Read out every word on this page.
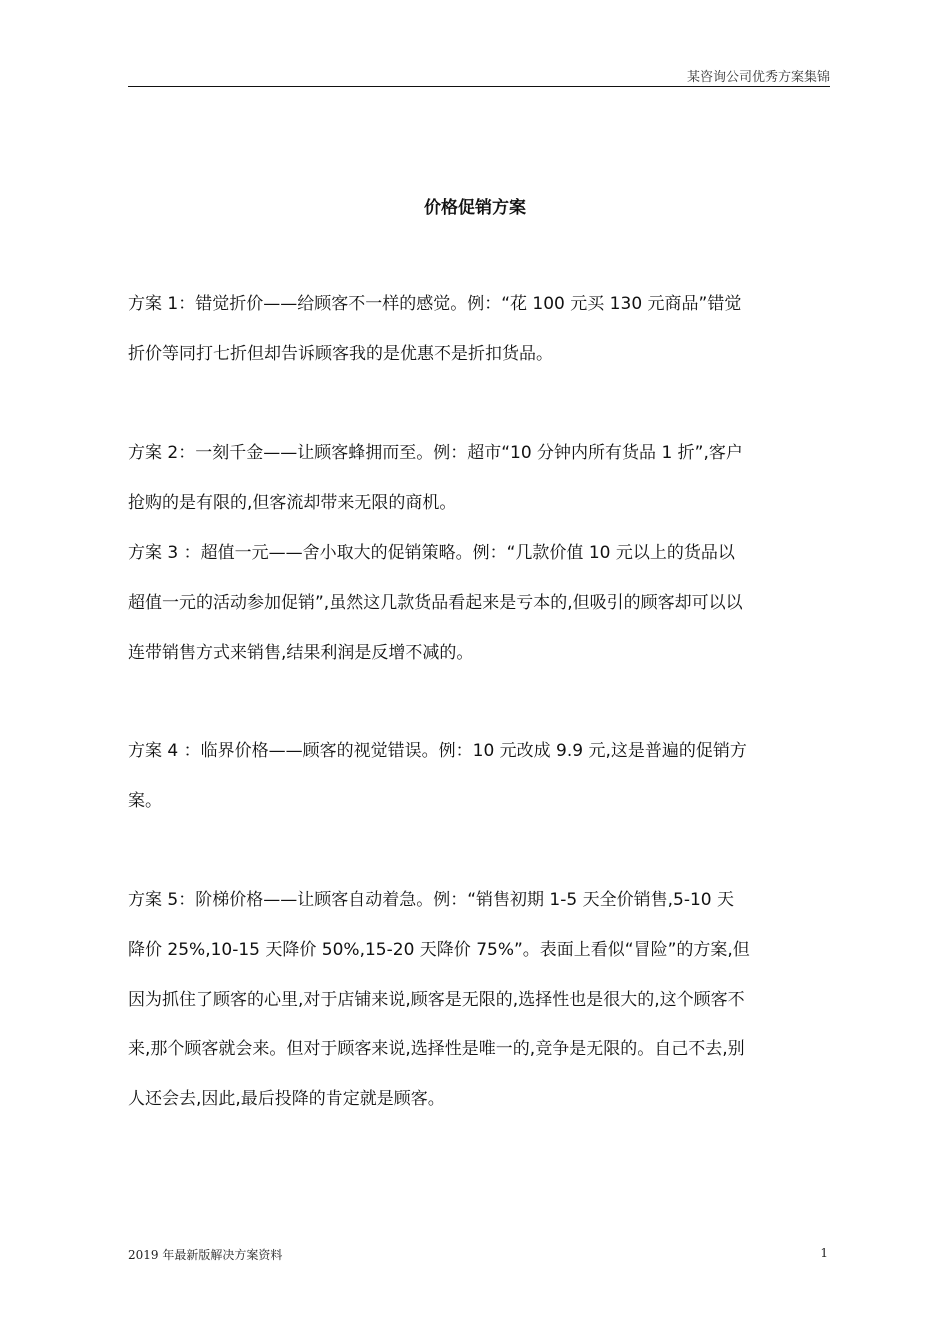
某咨询公司优秀方案集锦
价格促销方案
方案 1：错觉折价——给顾客不一样的感觉。例：“花 100 元买 130 元商品”错觉
折价等同打七折但却告诉顾客我的是优惠不是折扣货品。
方案 2：一刻千金——让顾客蜂拥而至。例：超市“10 分钟内所有货品 1 折”,客户
抢购的是有限的,但客流却带来无限的商机。
方案 3 ：超值一元——舍小取大的促销策略。例：“几款价值 10 元以上的货品以
超值一元的活动参加促销”,虽然这几款货品看起来是亏本的,但吸引的顾客却可以以
连带销售方式来销售,结果利润是反增不减的。
方案 4 ：临界价格——顾客的视觉错误。例：10 元改成 9.9 元,这是普遍的促销方
案。
方案 5：阶梯价格——让顾客自动着急。例：“销售初期 1-5 天全价销售,5-10 天
降价 25%,10-15 天降价 50%,15-20 天降价 75%”。表面上看似“冒险”的方案,但
因为抓住了顾客的心里,对于店铺来说,顾客是无限的,选择性也是很大的,这个顾客不
来,那个顾客就会来。但对于顾客来说,选择性是唯一的,竞争是无限的。自己不去,别
人还会去,因此,最后投降的肯定就是顾客。
2019 年最新版解决方案资料	1
